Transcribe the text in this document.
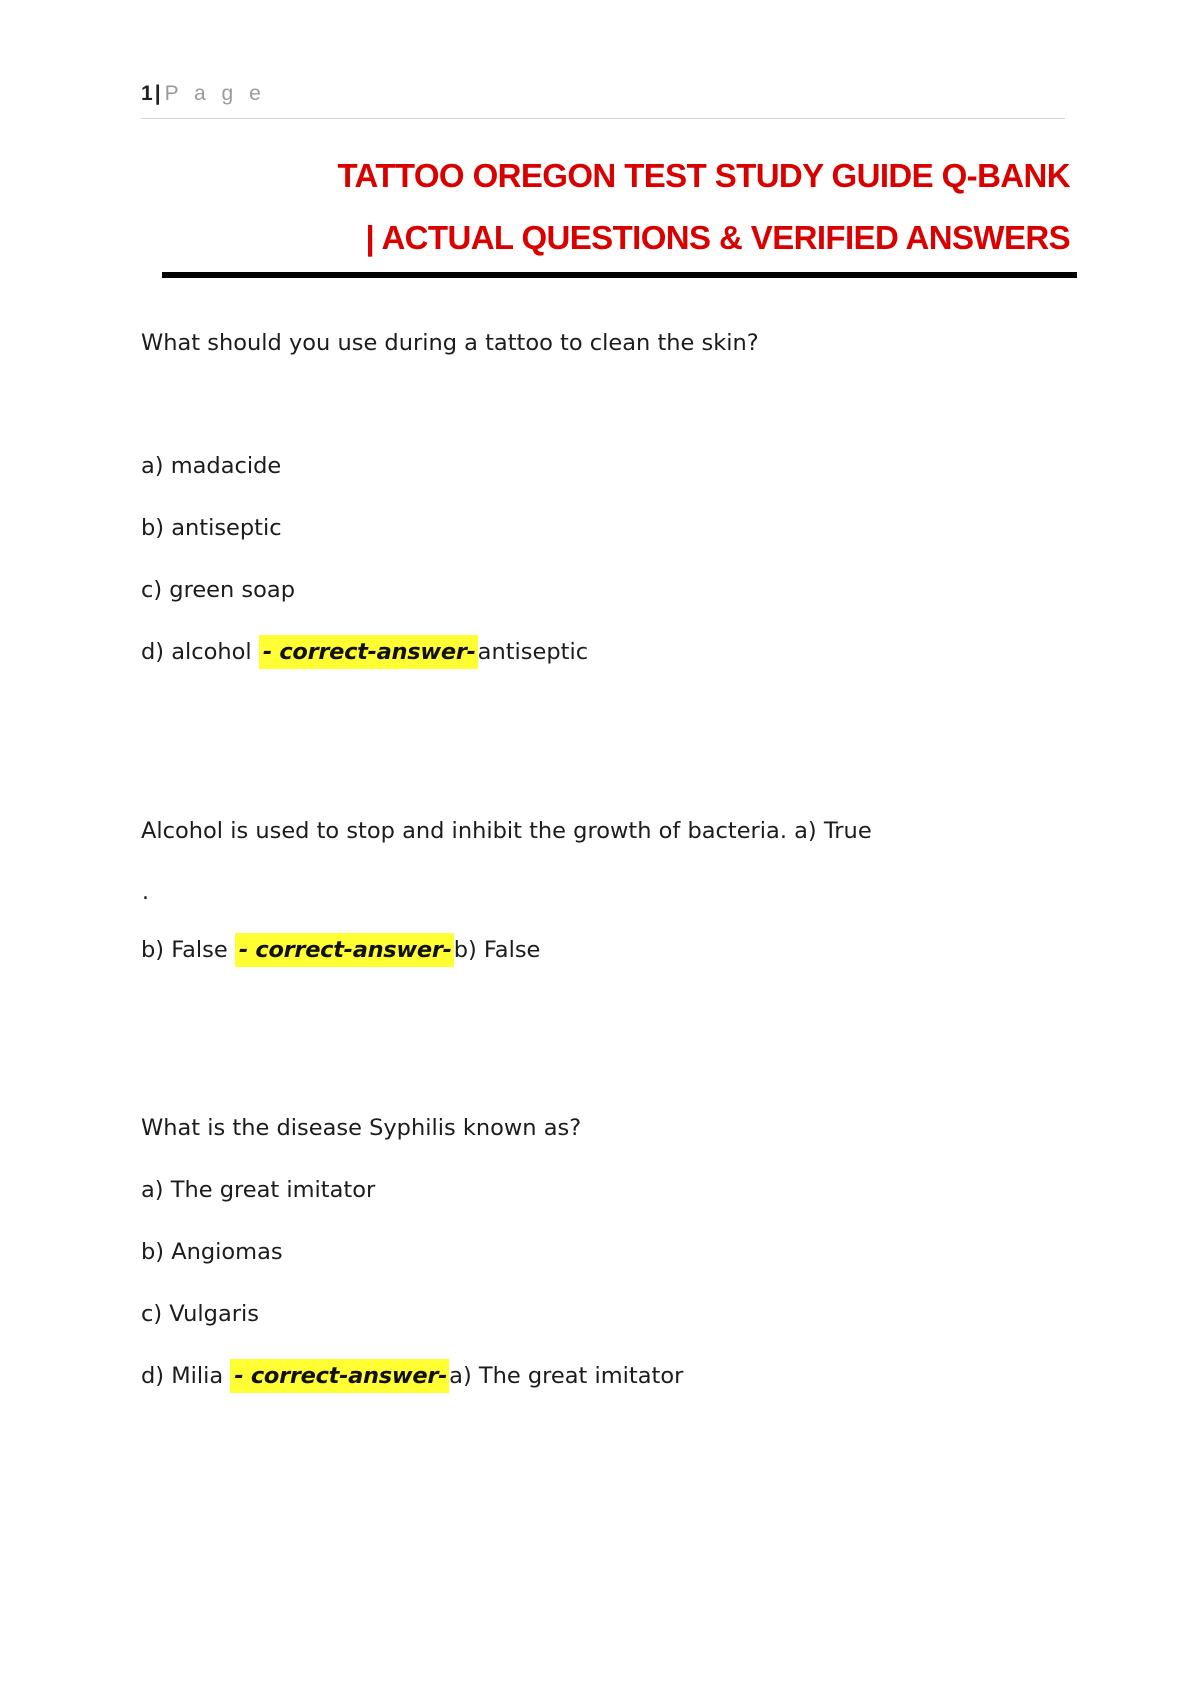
1| P a g e
TATTOO OREGON TEST STUDY GUIDE Q-BANK
| ACTUAL QUESTIONS & VERIFIED ANSWERS
What should you use during a tattoo to clean the skin?
a) madacide
b) antiseptic
c) green soap
d) alcohol - correct-answer-antiseptic
Alcohol is used to stop and inhibit the growth of bacteria. a) True
.
b) False - correct-answer-b) False
What is the disease Syphilis known as?
a) The great imitator
b) Angiomas
c) Vulgaris
d) Milia - correct-answer-a) The great imitator
